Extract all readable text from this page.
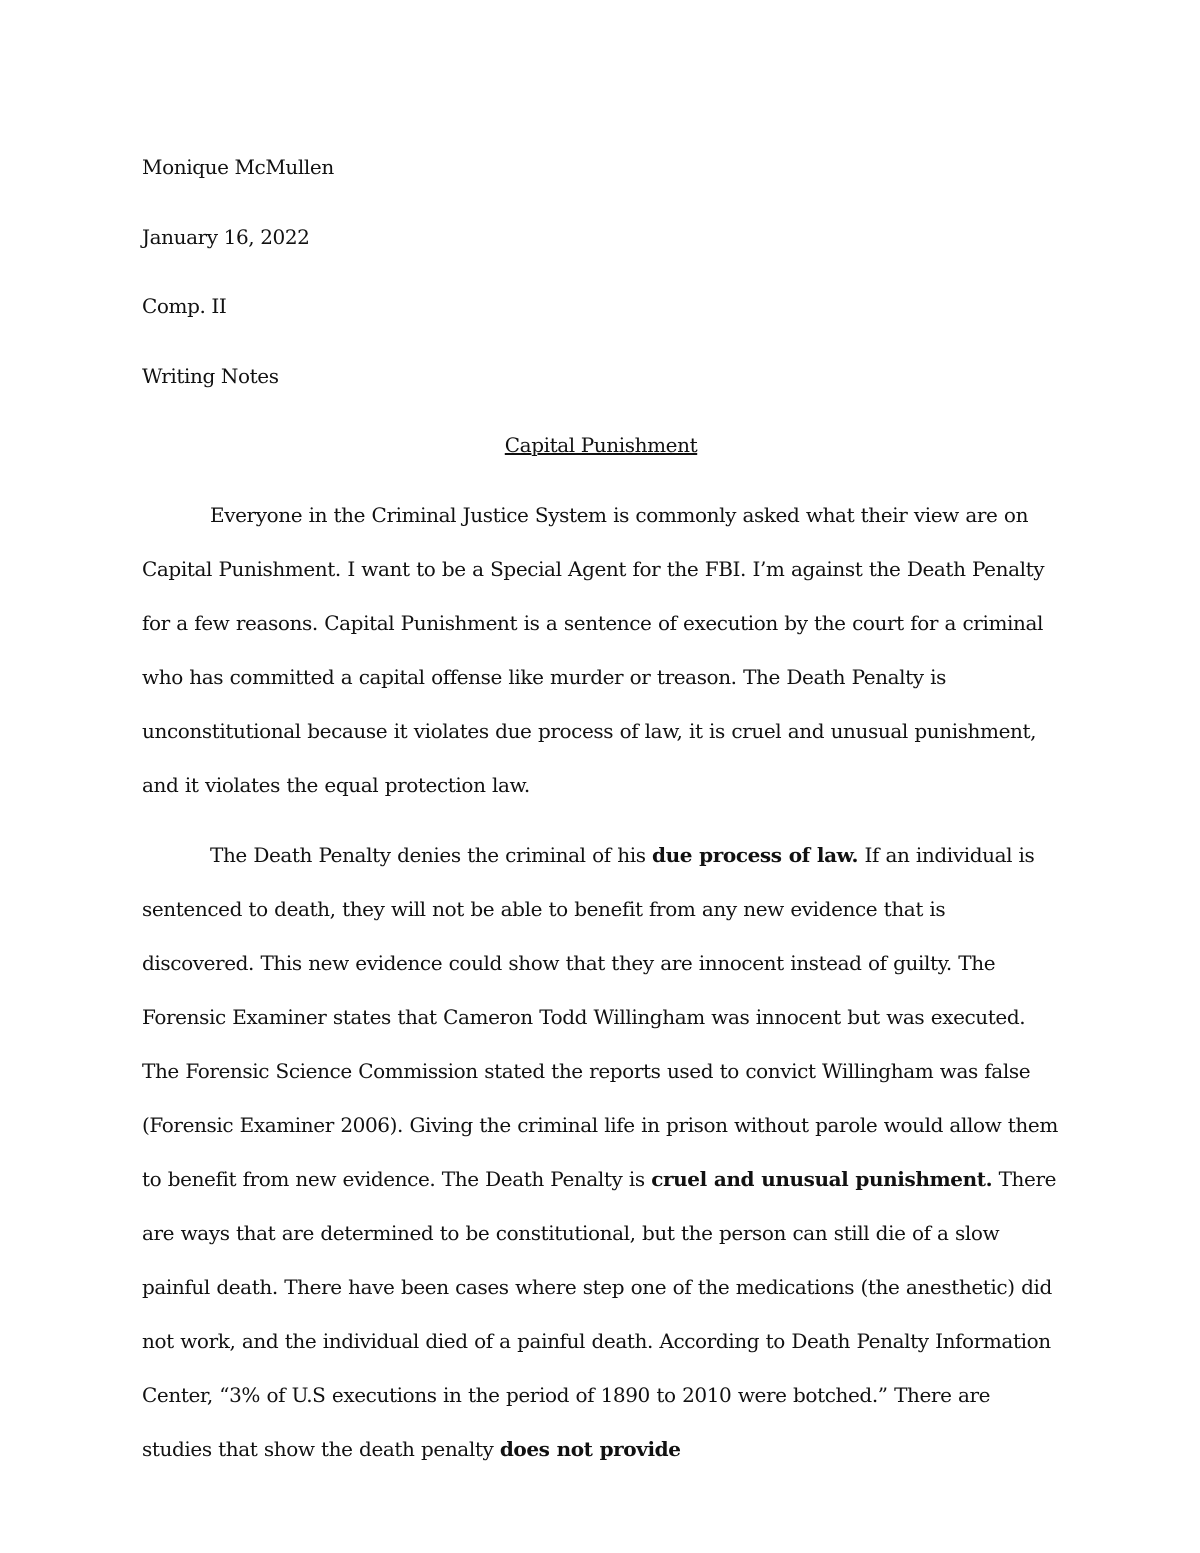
Monique McMullen
January 16, 2022
Comp. II
Writing Notes
Capital Punishment

Everyone in the Criminal Justice System is commonly asked what their view are on Capital Punishment. I want to be a Special Agent for the FBI. I’m against the Death Penalty for a few reasons. Capital Punishment is a sentence of execution by the court for a criminal who has committed a capital offense like murder or treason. The Death Penalty is unconstitutional because it violates due process of law, it is cruel and unusual punishment, and it violates the equal protection law.

The Death Penalty denies the criminal of his due process of law. If an individual is sentenced to death, they will not be able to benefit from any new evidence that is discovered. This new evidence could show that they are innocent instead of guilty. The Forensic Examiner states that Cameron Todd Willingham was innocent but was executed. The Forensic Science Commission stated the reports used to convict Willingham was false (Forensic Examiner 2006). Giving the criminal life in prison without parole would allow them to benefit from new evidence. The Death Penalty is cruel and unusual punishment. There are ways that are determined to be constitutional, but the person can still die of a slow painful death. There have been cases where step one of the medications (the anesthetic) did not work, and the individual died of a painful death. According to Death Penalty Information Center, “3% of U.S executions in the period of 1890 to 2010 were botched.” There are studies that show the death penalty does not provide
